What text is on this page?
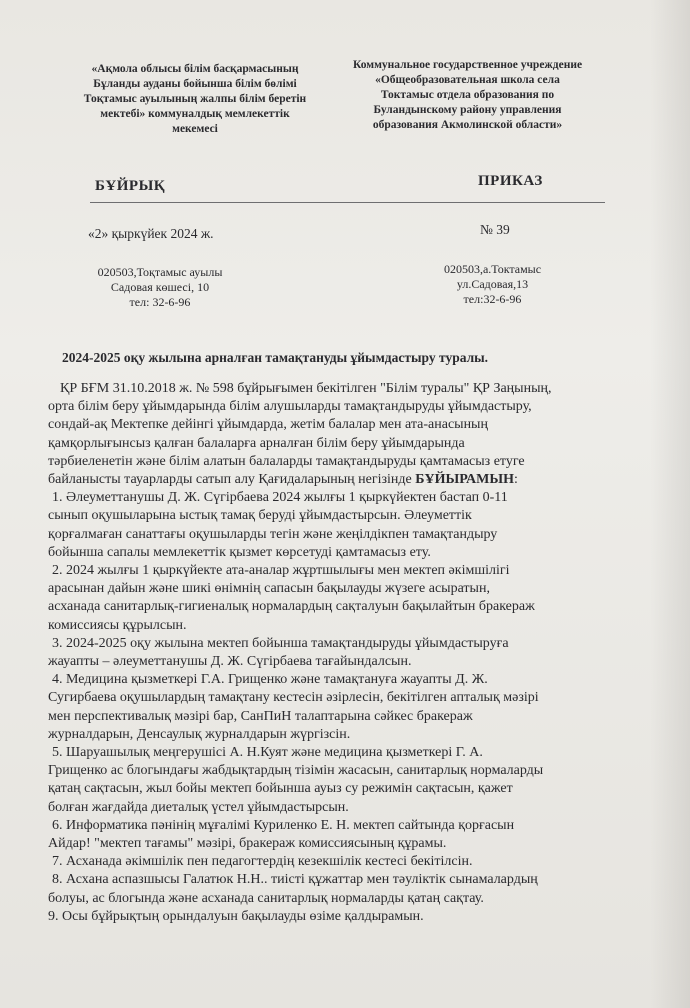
«Ақмола облысы білім басқармасының
Бұланды ауданы бойынша білім бөлімі
Тоқтамыс ауылының жалпы білім беретін
мектебі» коммуналдық мемлекеттік
мекемесі
Коммунальное государственное учреждение
«Общеобразовательная школа села
Токтамыс отдела образования по
Буландынскому району управления
образования Акмолинской области»
БҰЙРЫҚ	ПРИКАЗ
«2» қыркүйек 2024 ж.	№ 39
020503,Тоқтамыс ауылы
Садовая көшесі, 10
тел: 32-6-96
020503,а.Токтамыс
ул.Садовая,13
тел:32-6-96
2024-2025 оқу жылына арналған тамақтануды ұйымдастыру туралы.
ҚР БҒМ 31.10.2018 ж. № 598 бұйрығымен бекітілген "Білім туралы" ҚР Заңының,
орта білім беру ұйымдарында білім алушыларды тамақтандыруды ұйымдастыру,
сондай-ақ Мектепке дейінгі ұйымдарда, жетім балалар мен ата-анасының
қамқорлығынсыз қалған балаларға арналған білім беру ұйымдарында
тәрбиеленетін және білім алатын балаларды тамақтандыруды қамтамасыз етуге
байланысты тауарларды сатып алу Қағидаларының негізінде БҰЙЫРАМЫН:
1. Әлеуметтанушы Д. Ж. Сүгірбаева 2024 жылғы 1 қыркүйектен бастап 0-11
сынып оқушыларына ыстық тамақ беруді ұйымдастырсын. Әлеуметтік
қорғалмаған санаттағы оқушыларды тегін және жеңілдікпен тамақтандыру
бойынша сапалы мемлекеттік қызмет көрсетуді қамтамасыз ету.
2. 2024 жылғы 1 қыркүйекте ата-аналар жұртшылығы мен мектеп әкімшілігі
арасынан дайын және шикі өнімнің сапасын бақылауды жүзеге асыратын,
асханада санитарлық-гигиеналық нормалардың сақталуын бақылайтын бракераж
комиссиясы құрылсын.
3. 2024-2025 оқу жылына мектеп бойынша тамақтандыруды ұйымдастыруға
жауапты – әлеуметтанушы Д. Ж. Сүгірбаева тағайындалсын.
4. Медицина қызметкері Г.А. Грищенко және тамақтануға жауапты Д. Ж.
Сугирбаева оқушылардың тамақтану кестесін әзірлесін, бекітілген апталық мәзірі
мен перспективалық мәзірі бар, СанПиН талаптарына сәйкес бракераж
журналдарын, Денсаулық журналдарын жүргізсін.
5. Шаруашылық меңгерушісі А. Н.Куят және медицина қызметкері Г. А.
Грищенко ас блогындағы жабдықтардың тізімін жасасын, санитарлық нормаларды
қатаң сақтасын, жыл бойы мектеп бойынша ауыз су режимін сақтасын, қажет
болған жағдайда диеталық үстел ұйымдастырсын.
6. Информатика пәнінің мұғалімі Куриленко Е. Н. мектеп сайтында қорғасын
Айдар! "мектеп тағамы" мәзірі, бракераж комиссиясының құрамы.
7. Асханада әкімшілік пен педагогтердің кезекшілік кестесі бекітілсін.
8. Асхана аспазшысы Галатюк Н.Н.. тиісті құжаттар мен тәуліктік сынамалардың
болуы, ас блогында және асханада санитарлық нормаларды қатаң сақтау.
9. Осы бұйрықтың орындалуын бақылауды өзіме қалдырамын.
